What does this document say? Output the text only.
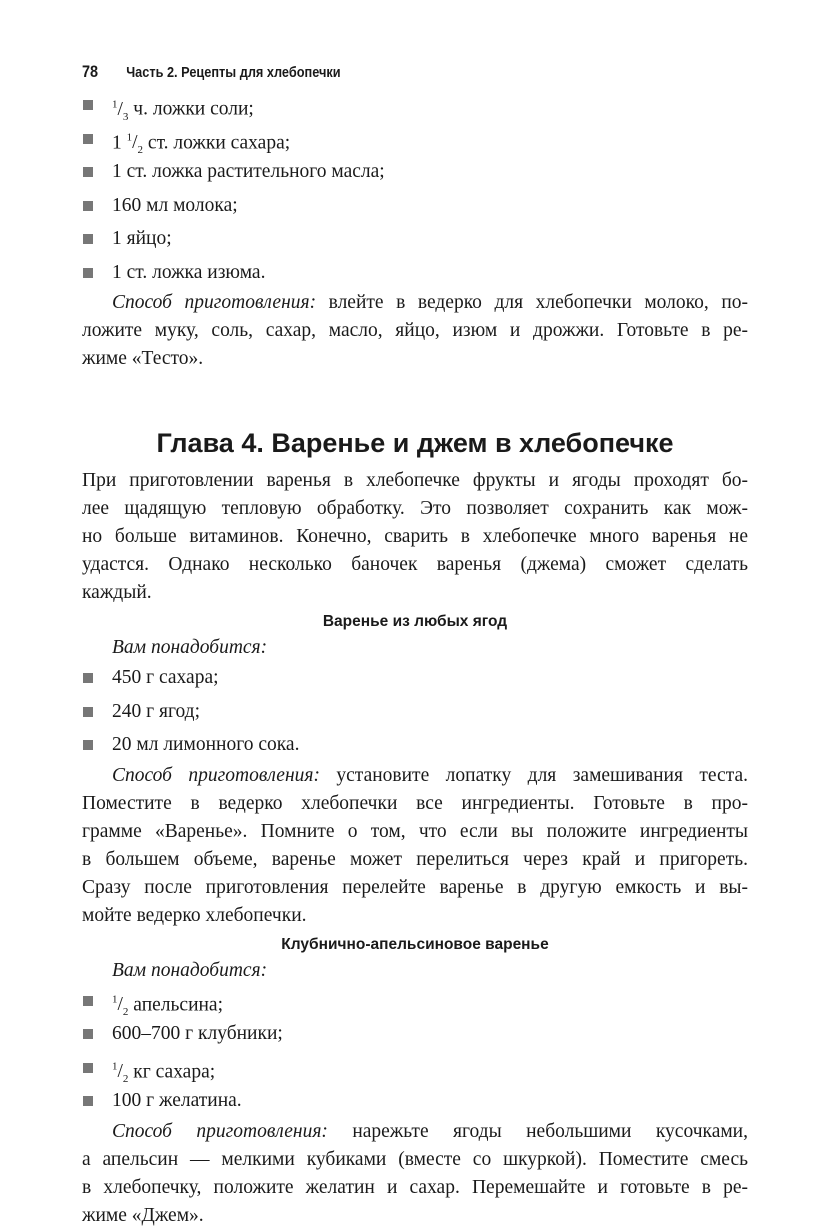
78 Часть 2. Рецепты для хлебопечки
$^1/_3$ ч. ложки соли;
1 $^1/_2$ ст. ложки сахара;
1 ст. ложка растительного масла;
160 мл молока;
1 яйцо;
1 ст. ложка изюма.
Способ приготовления: влейте в ведерко для хлебопечки молоко, по-
ложите муку, соль, сахар, масло, яйцо, изюм и дрожжи. Готовьте в ре-
жиме «Тесто».
Глава 4. Варенье и джем в хлебопечке
При приготовлении варенья в хлебопечке фрукты и ягоды проходят бо-
лее щадящую тепловую обработку. Это позволяет сохранить как мож-
но больше витаминов. Конечно, сварить в хлебопечке много варенья не
удастся. Однако несколько баночек варенья (джема) сможет сделать
каждый.
Варенье из любых ягод
Вам понадобится:
450 г сахара;
240 г ягод;
20 мл лимонного сока.
Способ приготовления: установите лопатку для замешивания теста.
Поместите в ведерко хлебопечки все ингредиенты. Готовьте в про-
грамме «Варенье». Помните о том, что если вы положите ингредиенты
в большем объеме, варенье может перелиться через край и пригореть.
Сразу после приготовления перелейте варенье в другую емкость и вы-
мойте ведерко хлебопечки.
Клубнично-апельсиновое варенье
Вам понадобится:
$^1/_2$ апельсина;
600–700 г клубники;
$^1/_2$ кг сахара;
100 г желатина.
Способ приготовления: нарежьте ягоды небольшими кусочками,
а апельсин — мелкими кубиками (вместе со шкуркой). Поместите смесь
в хлебопечку, положите желатин и сахар. Перемешайте и готовьте в ре-
жиме «Джем».
